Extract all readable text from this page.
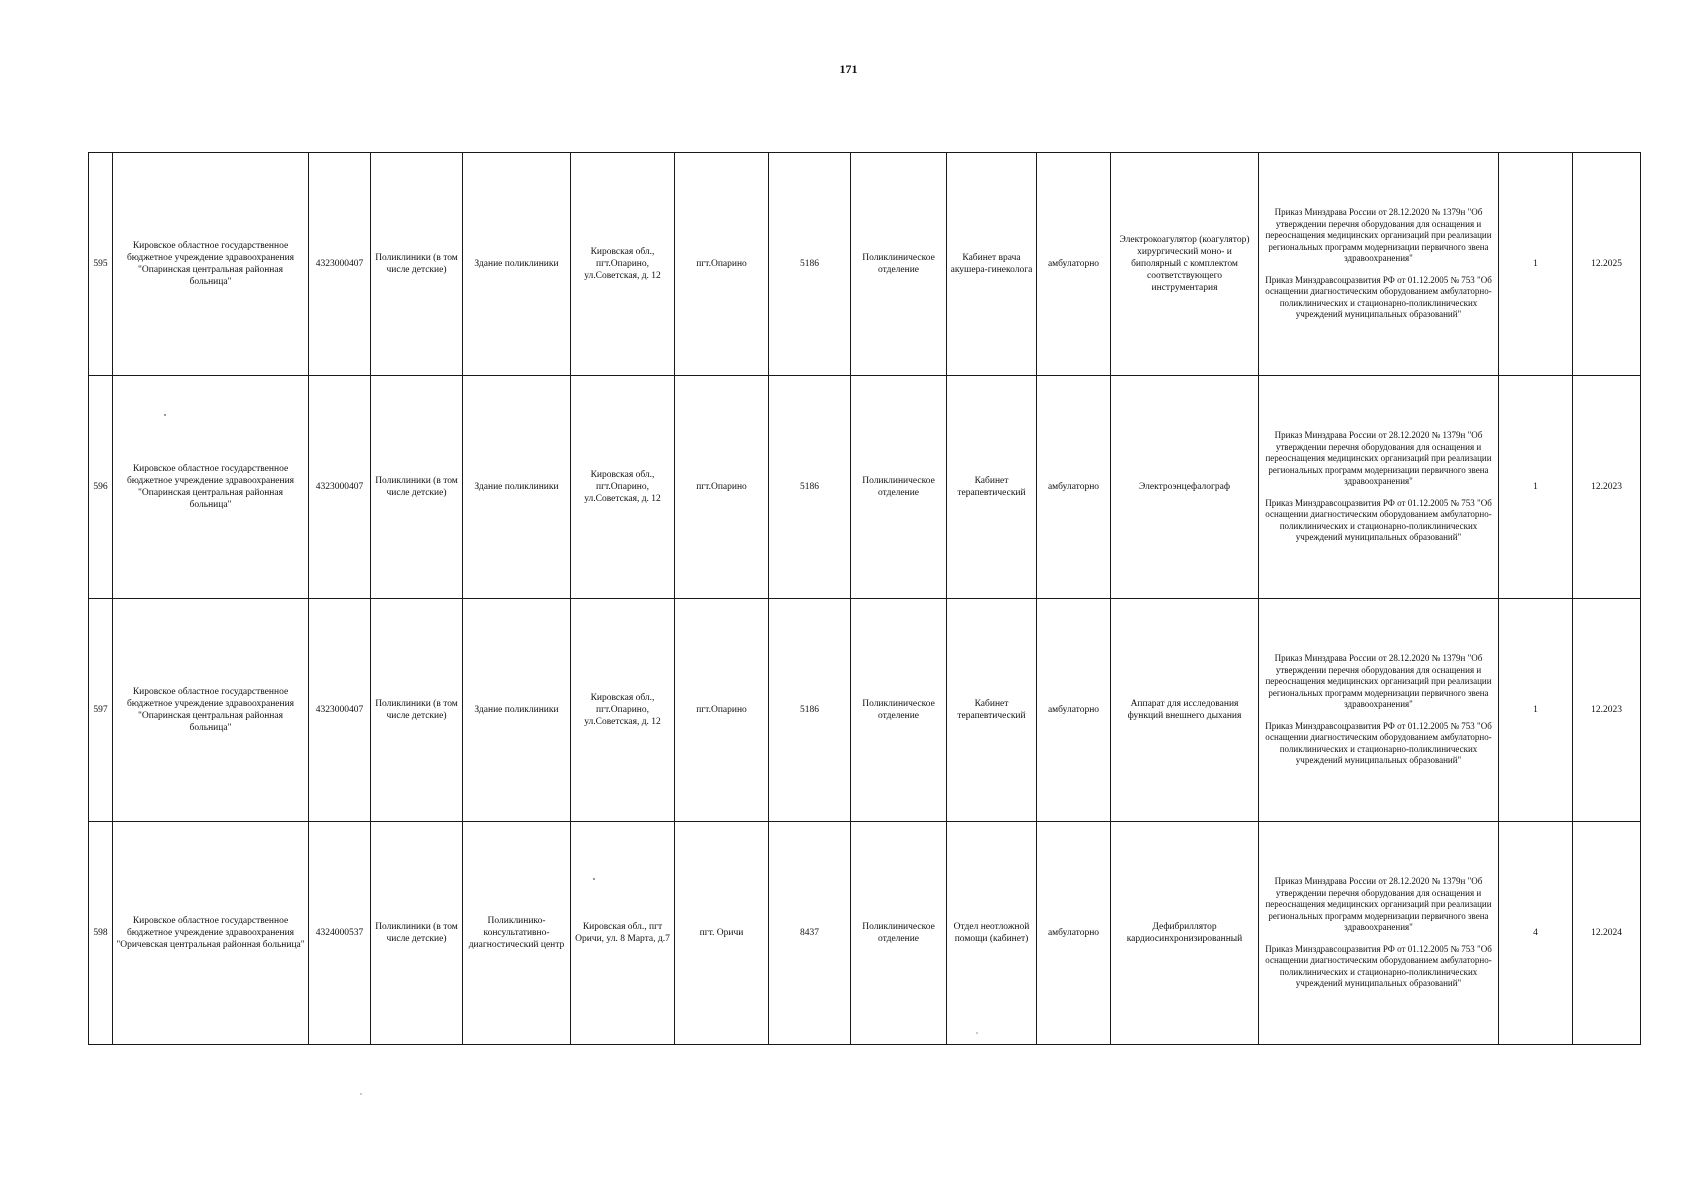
171
595	Кировское областное государственное бюджетное учреждение здравоохранения "Опаринская центральная районная больница"	4323000407	Поликлиники (в том числе детские)	Здание поликлиники	Кировская обл., пгт.Опарино, ул.Советская, д. 12	пгт.Опарино	5186	Поликлиническое отделение	Кабинет врача акушера-гинеколога	амбулаторно	Электрокоагулятор (коагулятор) хирургический моно- и биполярный с комплектом соответствующего инструментария	Приказ Минздрава России от 28.12.2020 № 1379н "Об утверждении перечня оборудования для оснащения и переоснащения медицинских организаций при реализации региональных программ модернизации первичного звена здравоохранения"
Приказ Минздравсоцразвития РФ от 01.12.2005 № 753 "Об оснащении диагностическим оборудованием амбулаторно-поликлинических и стационарно-поликлинических учреждений муниципальных образований"	1	12.2025
596	Кировское областное государственное бюджетное учреждение здравоохранения "Опаринская центральная районная больница"	4323000407	Поликлиники (в том числе детские)	Здание поликлиники	Кировская обл., пгт.Опарино, ул.Советская, д. 12	пгт.Опарино	5186	Поликлиническое отделение	Кабинет терапевтический	амбулаторно	Электроэнцефалограф	Приказ Минздрава России от 28.12.2020 № 1379н "Об утверждении перечня оборудования для оснащения и переоснащения медицинских организаций при реализации региональных программ модернизации первичного звена здравоохранения"
Приказ Минздравсоцразвития РФ от 01.12.2005 № 753 "Об оснащении диагностическим оборудованием амбулаторно-поликлинических и стационарно-поликлинических учреждений муниципальных образований"	1	12.2023
597	Кировское областное государственное бюджетное учреждение здравоохранения "Опаринская центральная районная больница"	4323000407	Поликлиники (в том числе детские)	Здание поликлиники	Кировская обл., пгт.Опарино, ул.Советская, д. 12	пгт.Опарино	5186	Поликлиническое отделение	Кабинет терапевтический	амбулаторно	Аппарат для исследования функций внешнего дыхания	Приказ Минздрава России от 28.12.2020 № 1379н "Об утверждении перечня оборудования для оснащения и переоснащения медицинских организаций при реализации региональных программ модернизации первичного звена здравоохранения"
Приказ Минздравсоцразвития РФ от 01.12.2005 № 753 "Об оснащении диагностическим оборудованием амбулаторно-поликлинических и стационарно-поликлинических учреждений муниципальных образований"	1	12.2023
598	Кировское областное государственное бюджетное учреждение здравоохранения "Оричевская центральная районная больница"	4324000537	Поликлиники (в том числе детские)	Поликлинико-консультативно-диагностический центр	Кировская обл., пгт Оричи, ул. 8 Марта, д.7	пгт. Оричи	8437	Поликлиническое отделение	Отдел неотложной помощи (кабинет)	амбулаторно	Дефибриллятор кардиосинхронизированный	Приказ Минздрава России от 28.12.2020 № 1379н "Об утверждении перечня оборудования для оснащения и переоснащения медицинских организаций при реализации региональных программ модернизации первичного звена здравоохранения"
Приказ Минздравсоцразвития РФ от 01.12.2005 № 753 "Об оснащении диагностическим оборудованием амбулаторно-поликлинических и стационарно-поликлинических учреждений муниципальных образований"	4	12.2024
